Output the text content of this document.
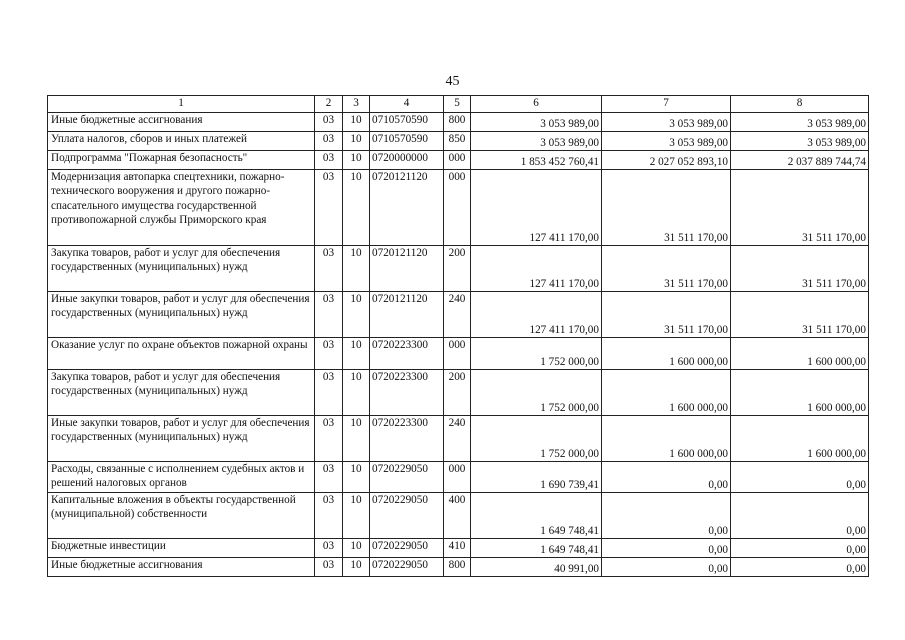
45
1	2	3	4	5	6	7	8
Иные бюджетные ассигнования	03	10	0710570590	800	3 053 989,00	3 053 989,00	3 053 989,00
Уплата налогов, сборов и иных платежей	03	10	0710570590	850	3 053 989,00	3 053 989,00	3 053 989,00
Подпрограмма "Пожарная безопасность"	03	10	0720000000	000	1 853 452 760,41	2 027 052 893,10	2 037 889 744,74
Модернизация автопарка спецтехники, пожарно-технического вооружения и другого пожарно-спасательного имущества государственной противопожарной службы Приморского края	03	10	0720121120	000	127 411 170,00	31 511 170,00	31 511 170,00
Закупка товаров, работ и услуг для обеспечения государственных (муниципальных) нужд	03	10	0720121120	200	127 411 170,00	31 511 170,00	31 511 170,00
Иные закупки товаров, работ и услуг для обеспечения государственных (муниципальных) нужд	03	10	0720121120	240	127 411 170,00	31 511 170,00	31 511 170,00
Оказание услуг по охране объектов пожарной охраны	03	10	0720223300	000	1 752 000,00	1 600 000,00	1 600 000,00
Закупка товаров, работ и услуг для обеспечения государственных (муниципальных) нужд	03	10	0720223300	200	1 752 000,00	1 600 000,00	1 600 000,00
Иные закупки товаров, работ и услуг для обеспечения государственных (муниципальных) нужд	03	10	0720223300	240	1 752 000,00	1 600 000,00	1 600 000,00
Расходы, связанные с исполнением судебных актов и решений налоговых органов	03	10	0720229050	000	1 690 739,41	0,00	0,00
Капитальные вложения в объекты государственной (муниципальной) собственности	03	10	0720229050	400	1 649 748,41	0,00	0,00
Бюджетные инвестиции	03	10	0720229050	410	1 649 748,41	0,00	0,00
Иные бюджетные ассигнования	03	10	0720229050	800	40 991,00	0,00	0,00
